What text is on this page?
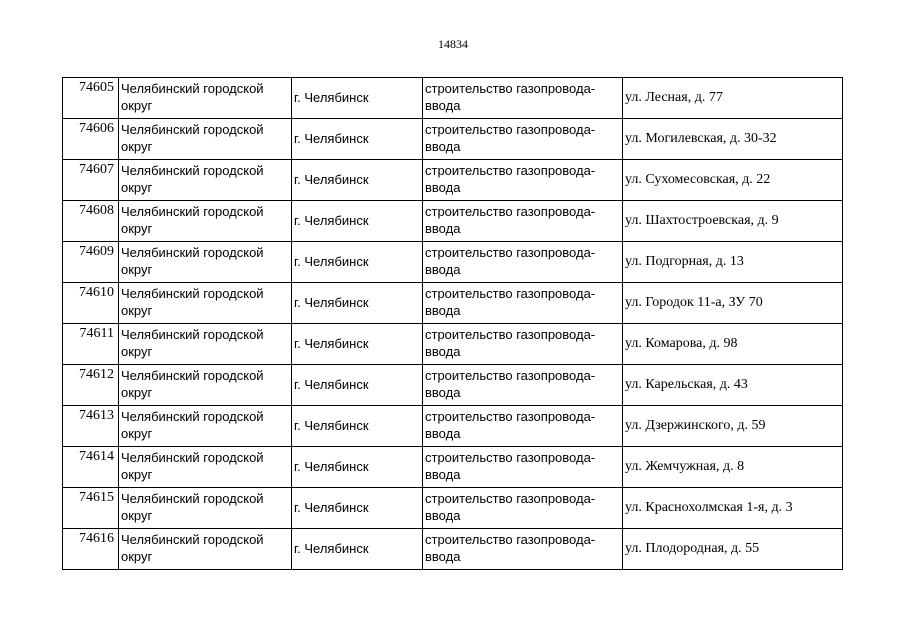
14834
74605	Челябинский городской округ	г. Челябинск	строительство газопровода-ввода	ул. Лесная, д. 77
74606	Челябинский городской округ	г. Челябинск	строительство газопровода-ввода	ул. Могилевская, д. 30-32
74607	Челябинский городской округ	г. Челябинск	строительство газопровода-ввода	ул. Сухомесовская, д. 22
74608	Челябинский городской округ	г. Челябинск	строительство газопровода-ввода	ул. Шахтостроевская, д. 9
74609	Челябинский городской округ	г. Челябинск	строительство газопровода-ввода	ул. Подгорная, д. 13
74610	Челябинский городской округ	г. Челябинск	строительство газопровода-ввода	ул. Городок 11-а, ЗУ 70
74611	Челябинский городской округ	г. Челябинск	строительство газопровода-ввода	ул. Комарова, д. 98
74612	Челябинский городской округ	г. Челябинск	строительство газопровода-ввода	ул. Карельская, д. 43
74613	Челябинский городской округ	г. Челябинск	строительство газопровода-ввода	ул. Дзержинского, д. 59
74614	Челябинский городской округ	г. Челябинск	строительство газопровода-ввода	ул. Жемчужная, д. 8
74615	Челябинский городской округ	г. Челябинск	строительство газопровода-ввода	ул. Краснохолмская 1-я, д. 3
74616	Челябинский городской округ	г. Челябинск	строительство газопровода-ввода	ул. Плодородная, д. 55
